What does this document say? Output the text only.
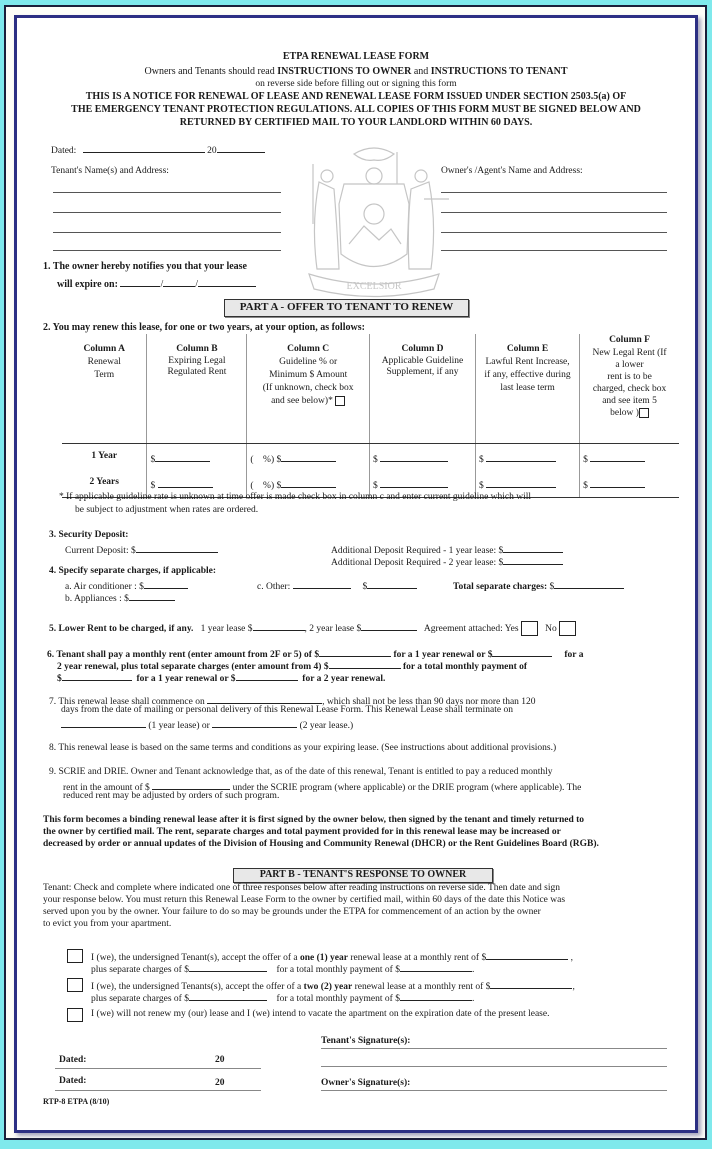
ETPA RENEWAL LEASE FORM
Owners and Tenants should read INSTRUCTIONS TO OWNER and INSTRUCTIONS TO TENANT
on reverse side before filling out or signing this form
THIS IS A NOTICE FOR RENEWAL OF LEASE AND RENEWAL LEASE FORM ISSUED UNDER SECTION 2503.5(a) OF
THE EMERGENCY TENANT PROTECTION REGULATIONS. ALL COPIES OF THIS FORM MUST BE SIGNED BELOW AND
RETURNED BY CERTIFIED MAIL TO YOUR LANDLORD WITHIN 60 DAYS.
EXCELSIOR
Dated:	20
Tenant's Name(s) and Address:	Owner's /Agent's Name and Address:
1. The owner hereby notifies you that your lease
will expire on:	/	/
PART A - OFFER TO TENANT TO RENEW
2. You may renew this lease, for one or two years, at your option, as follows:
Column A
Renewal
Term

Column B
Expiring Legal
Regulated Rent

Column C
Guideline % or
Minimum $ Amount
(If unknown, check box
and see below)*

Column D
Applicable Guideline
Supplement, if any

Column E
Lawful Rent Increase,
if any, effective during
last lease term

Column F
New Legal Rent (If
a lower
rent is to be
charged, check box
and see item 5
below )

1 Year	$	( %) $	$	$	$
2 Years	$	( %) $	$	$	$
* If applicable guideline rate is unknown at time offer is made check box in column c and enter current guideline which will
be subject to adjustment when rates are ordered.
3. Security Deposit:
Current Deposit: $	Additional Deposit Required - 1 year lease: $
Additional Deposit Required - 2 year lease: $
4. Specify separate charges, if applicable:
a. Air conditioner : $
b. Appliances : $
c. Other:	$	Total separate charges: $
5. Lower Rent to be charged, if any. 1 year lease $	, 2 year lease $	Agreement attached: Yes	No
6. Tenant shall pay a monthly rent (enter amount from 2F or 5) of $	for a 1 year renewal or $	for a
2 year renewal, plus total separate charges (enter amount from 4) $	for a total monthly payment of
$	for a 1 year renewal or $	for a 2 year renewal.
7. This renewal lease shall commence on	, which shall not be less than 90 days nor more than 120
days from the date of mailing or personal delivery of this Renewal Lease Form. This Renewal Lease shall terminate on
(1 year lease) or	(2 year lease.)
8. This renewal lease is based on the same terms and conditions as your expiring lease. (See instructions about additional provisions.)
9. SCRIE and DRIE. Owner and Tenant acknowledge that, as of the date of this renewal, Tenant is entitled to pay a reduced monthly
rent in the amount of $	under the SCRIE program (where applicable) or the DRIE program (where applicable). The
reduced rent may be adjusted by orders of such program.
This form becomes a binding renewal lease after it is first signed by the owner below, then signed by the tenant and timely returned to
the owner by certified mail. The rent, separate charges and total payment provided for in this renewal lease may be increased or
decreased by order or annual updates of the Division of Housing and Community Renewal (DHCR) or the Rent Guidelines Board (RGB).
PART B - TENANT'S RESPONSE TO OWNER
Tenant: Check and complete where indicated one of three responses below after reading instructions on reverse side. Then date and sign
your response below. You must return this Renewal Lease Form to the owner by certified mail, within 60 days of the date this Notice was
served upon you by the owner. Your failure to do so may be grounds under the ETPA for commencement of an action by the owner
to evict you from your apartment.
I (we), the undersigned Tenant(s), accept the offer of a one (1) year renewal lease at a monthly rent of $	,
plus separate charges of $	for a total monthly payment of $	.
I (we), the undersigned Tenants(s), accept the offer of a two (2) year renewal lease at a monthly rent of $	,
plus separate charges of $	for a total monthly payment of $	.
I (we) will not renew my (our) lease and I (we) intend to vacate the apartment on the expiration date of the present lease.
Tenant's Signature(s):
Dated:	20
Dated:	20	Owner's Signature(s):
RTP-8 ETPA (8/10)
